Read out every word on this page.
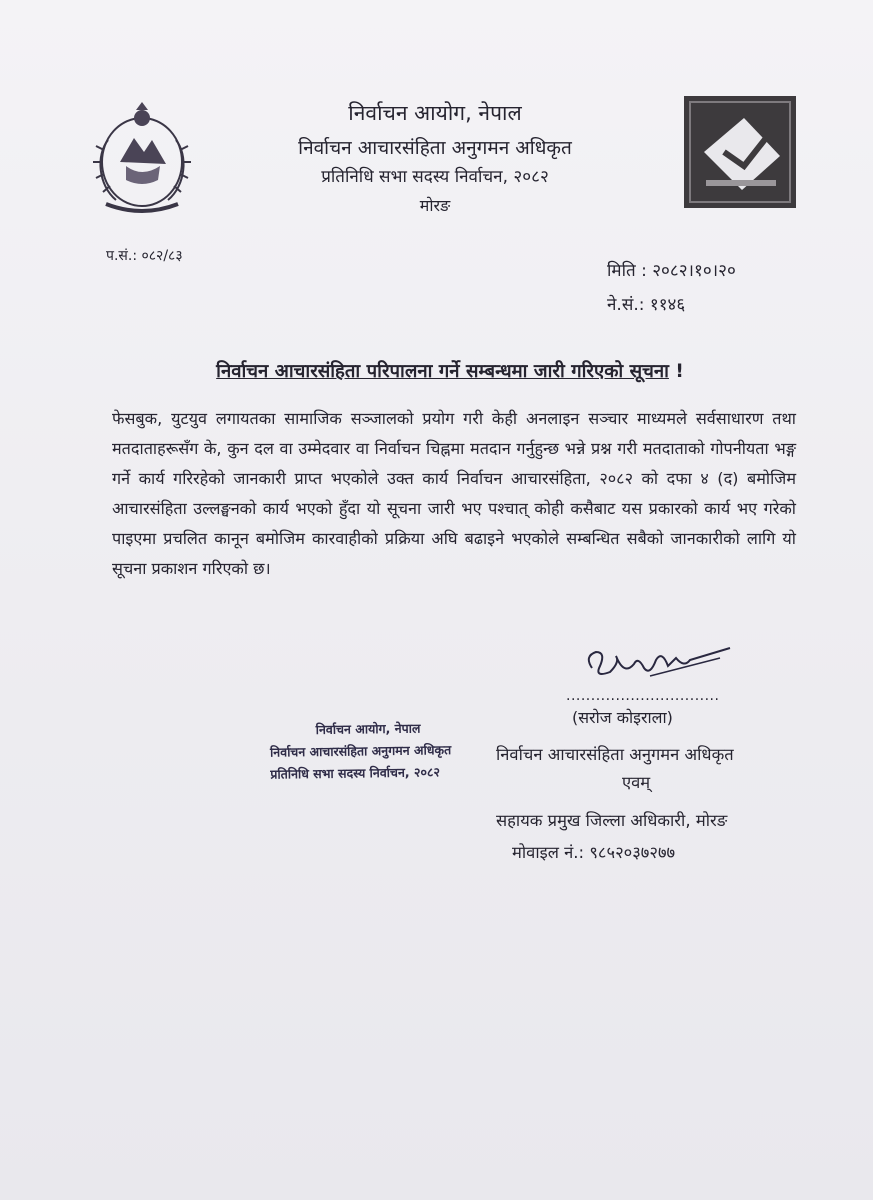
निर्वाचन आयोग, नेपाल
निर्वाचन आचारसंहिता अनुगमन अधिकृत
प्रतिनिधि सभा सदस्य निर्वाचन, २०८२
मोरङ
प.सं.: ०८२/८३
मिति : २०८२।१०।२०
ने.सं.: ११४६
निर्वाचन आचारसंहिता परिपालना गर्ने सम्बन्धमा जारी गरिएको सूचना !
फेसबुक, युटयुव लगायतका सामाजिक सञ्जालको प्रयोग गरी केही अनलाइन सञ्चार माध्यमले सर्वसाधारण तथा मतदाताहरूसँग के, कुन दल वा उम्मेदवार वा निर्वाचन चिह्नमा मतदान गर्नुहुन्छ भन्ने प्रश्न गरी मतदाताको गोपनीयता भङ्ग गर्ने कार्य गरिरहेको जानकारी प्राप्त भएकोले उक्त कार्य निर्वाचन आचारसंहिता, २०८२ को दफा ४ (द) बमोजिम आचारसंहिता उल्लङ्घनको कार्य भएको हुँदा यो सूचना जारी भए पश्चात् कोही कसैबाट यस प्रकारको कार्य भए गरेको पाइएमा प्रचलित कानून बमोजिम कारवाहीको प्रक्रिया अघि बढाइने भएकोले सम्बन्धित सबैको जानकारीको लागि यो सूचना प्रकाशन गरिएको छ।
...............................
(सरोज कोइराला)
निर्वाचन आयोग, नेपाल
निर्वाचन आचारसंहिता अनुगमन अधिकृत
प्रतिनिधि सभा सदस्य निर्वाचन, २०८२
निर्वाचन आचारसंहिता अनुगमन अधिकृत
एवम्
सहायक प्रमुख जिल्ला अधिकारी, मोरङ
मोवाइल नं.: ९८५२०३७२७७
